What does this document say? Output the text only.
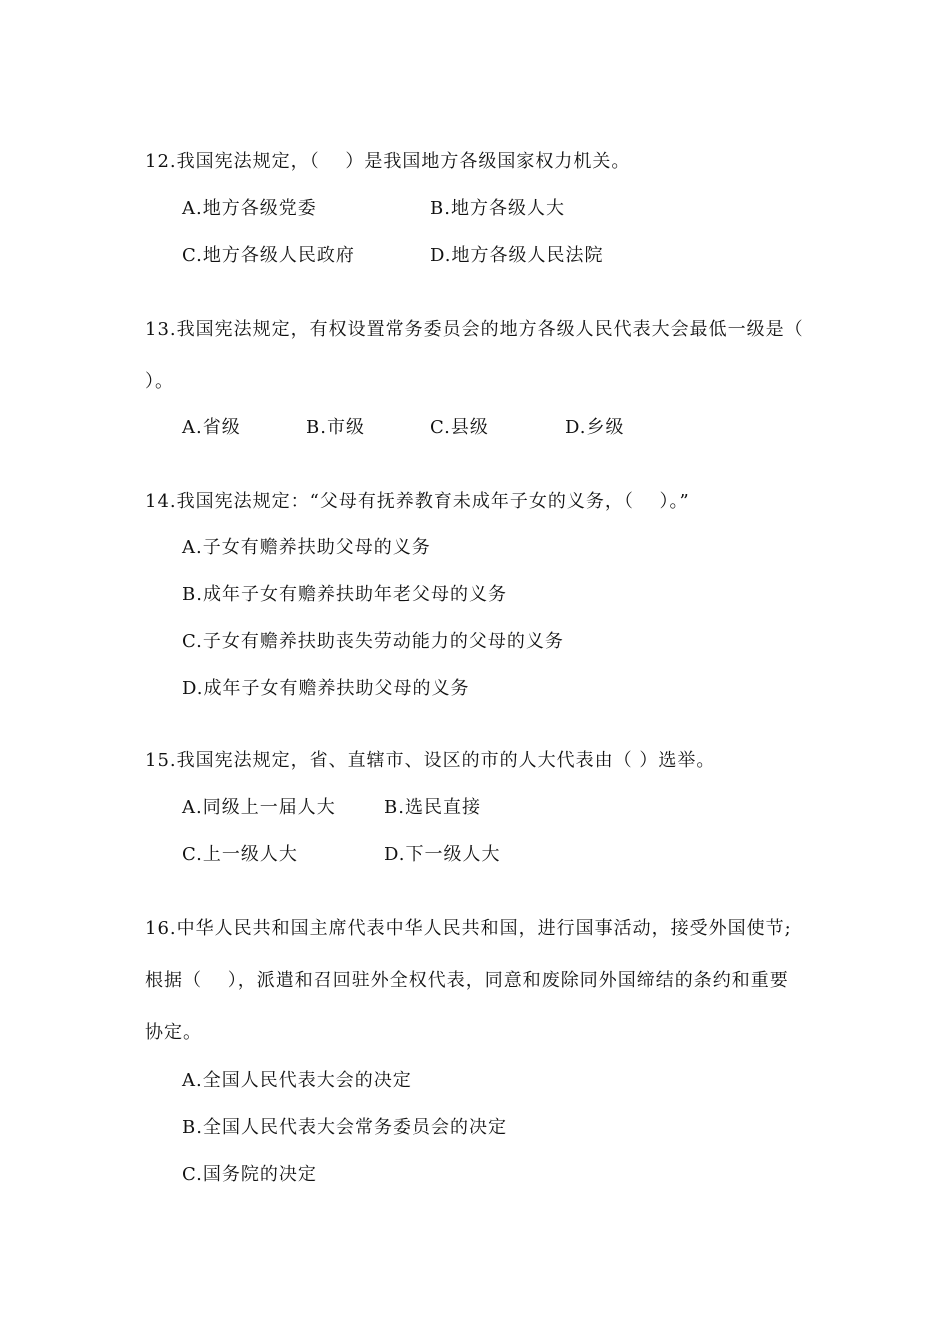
12.我国宪法规定，（　 ）是我国地方各级国家权力机关。
A.地方各级党委	B.地方各级人大
C.地方各级人民政府	D.地方各级人民法院
13.我国宪法规定，有权设置常务委员会的地方各级人民代表大会最低一级是（
）。
A.省级	B.市级	C.县级	D.乡级
14.我国宪法规定：“父母有抚养教育未成年子女的义务，（　 ）。”
A.子女有赡养扶助父母的义务
B.成年子女有赡养扶助年老父母的义务
C.子女有赡养扶助丧失劳动能力的父母的义务
D.成年子女有赡养扶助父母的义务
15.我国宪法规定，省、直辖市、设区的市的人大代表由（ ）选举。
A.同级上一届人大	B.选民直接
C.上一级人大	D.下一级人大
16.中华人民共和国主席代表中华人民共和国，进行国事活动，接受外国使节;
根据（　 ），派遣和召回驻外全权代表，同意和废除同外国缔结的条约和重要
协定。
A.全国人民代表大会的决定
B.全国人民代表大会常务委员会的决定
C.国务院的决定
